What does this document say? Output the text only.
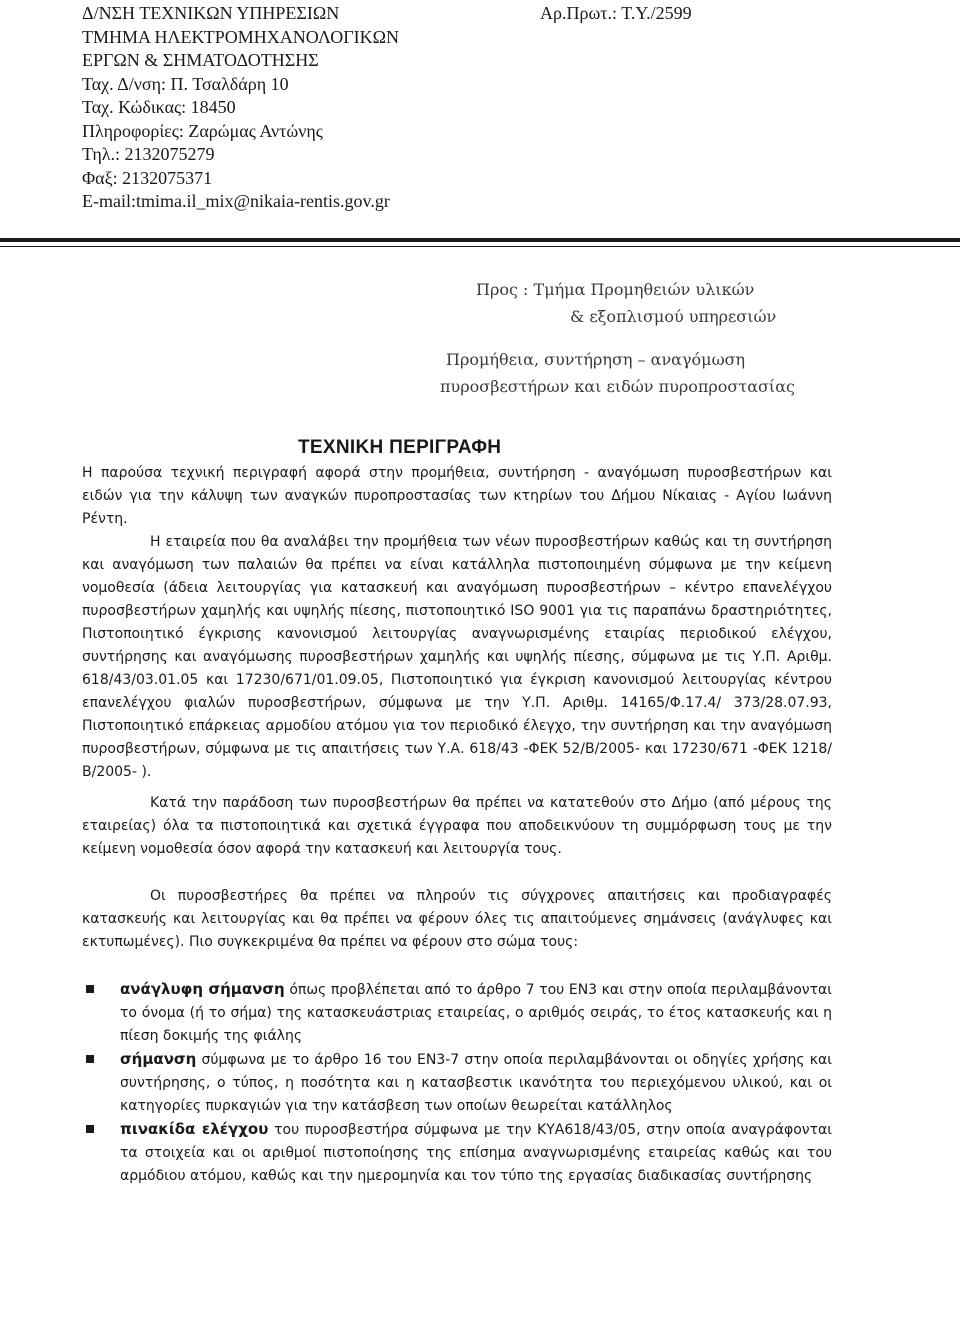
Δ/ΝΣΗ ΤΕΧΝΙΚΩΝ ΥΠΗΡΕΣΙΩΝ
ΤΜΗΜΑ ΗΛΕΚΤΡΟΜΗΧΑΝΟΛΟΓΙΚΩΝ
ΕΡΓΩΝ & ΣΗΜΑΤΟΔΟΤΗΣΗΣ
Ταχ. Δ/νση: Π. Τσαλδάρη 10
Ταχ. Κώδικας: 18450
Πληροφορίες: Ζαρώμας Αντώνης
Τηλ.: 2132075279
Φαξ: 2132075371
E-mail:tmima.il_mix@nikaia-rentis.gov.gr
Αρ.Πρωτ.: Τ.Υ./2599
Προς : Τμήμα Προμηθειών υλικών
& εξοπλισμού υπηρεσιών
Προμήθεια, συντήρηση – αναγόμωση
πυροσβεστήρων και ειδών πυροπροστασίας
ΤΕΧΝΙΚΗ ΠΕΡΙΓΡΑΦΗ

Η παρούσα τεχνική περιγραφή αφορά στην προμήθεια, συντήρηση - αναγόμωση πυροσβεστήρων και ειδών για την κάλυψη των αναγκών πυροπροστασίας των κτηρίων του Δήμου Νίκαιας - Αγίου Ιωάννη Ρέντη.

Η εταιρεία που θα αναλάβει την προμήθεια των νέων πυροσβεστήρων καθώς και τη συντήρηση και αναγόμωση των παλαιών θα πρέπει να είναι κατάλληλα πιστοποιημένη σύμφωνα με την κείμενη νομοθεσία (άδεια λειτουργίας για κατασκευή και αναγόμωση πυροσβεστήρων – κέντρο επανελέγχου πυροσβεστήρων χαμηλής και υψηλής πίεσης, πιστοποιητικό ISO 9001 για τις παραπάνω δραστηριότητες, Πιστοποιητικό έγκρισης κανονισμού λειτουργίας αναγνωρισμένης εταιρίας περιοδικού ελέγχου, συντήρησης και αναγόμωσης πυροσβεστήρων χαμηλής και υψηλής πίεσης, σύμφωνα με τις Υ.Π. Αριθμ. 618/43/03.01.05 και 17230/671/01.09.05, Πιστοποιητικό για έγκριση κανονισμού λειτουργίας κέντρου επανελέγχου φιαλών πυροσβεστήρων, σύμφωνα με την Υ.Π. Αριθμ. 14165/Φ.17.4/ 373/28.07.93, Πιστοποιητικό επάρκειας αρμοδίου ατόμου για τον περιοδικό έλεγχο, την συντήρηση και την αναγόμωση πυροσβεστήρων, σύμφωνα με τις απαιτήσεις των Υ.Α. 618/43 -ΦΕΚ 52/Β/2005- και 17230/671 -ΦΕΚ 1218/Β/2005- ).

Κατά την παράδοση των πυροσβεστήρων θα πρέπει να κατατεθούν στο Δήμο (από μέρους της εταιρείας) όλα τα πιστοποιητικά και σχετικά έγγραφα που αποδεικνύουν τη συμμόρφωση τους με την κείμενη νομοθεσία όσον αφορά την κατασκευή και λειτουργία τους.

Οι πυροσβεστήρες θα πρέπει να πληρούν τις σύγχρονες απαιτήσεις και προδιαγραφές κατασκευής και λειτουργίας και θα πρέπει να φέρουν όλες τις απαιτούμενες σημάνσεις (ανάγλυφες και εκτυπωμένες). Πιο συγκεκριμένα θα πρέπει να φέρουν στο σώμα τους:

ανάγλυφη σήμανση όπως προβλέπεται από το άρθρο 7 του ΕΝ3 και στην οποία περιλαμβάνονται το όνομα (ή το σήμα) της κατασκευάστριας εταιρείας, ο αριθμός σειράς, το έτος κατασκευής και η πίεση δοκιμής της φιάλης
σήμανση σύμφωνα με το άρθρο 16 του ΕΝ3-7 στην οποία περιλαμβάνονται οι οδηγίες χρήσης και συντήρησης, ο τύπος, η ποσότητα και η κατασβεστικ ικανότητα του περιεχόμενου υλικού, και οι κατηγορίες πυρκαγιών για την κατάσβεση των οποίων θεωρείται κατάλληλος
πινακίδα ελέγχου του πυροσβεστήρα σύμφωνα με την ΚΥΑ618/43/05, στην οποία αναγράφονται τα στοιχεία και οι αριθμοί πιστοποίησης της επίσημα αναγνωρισμένης εταιρείας καθώς και του αρμόδιου ατόμου, καθώς και την ημερομηνία και τον τύπο της εργασίας διαδικασίας συντήρησης
